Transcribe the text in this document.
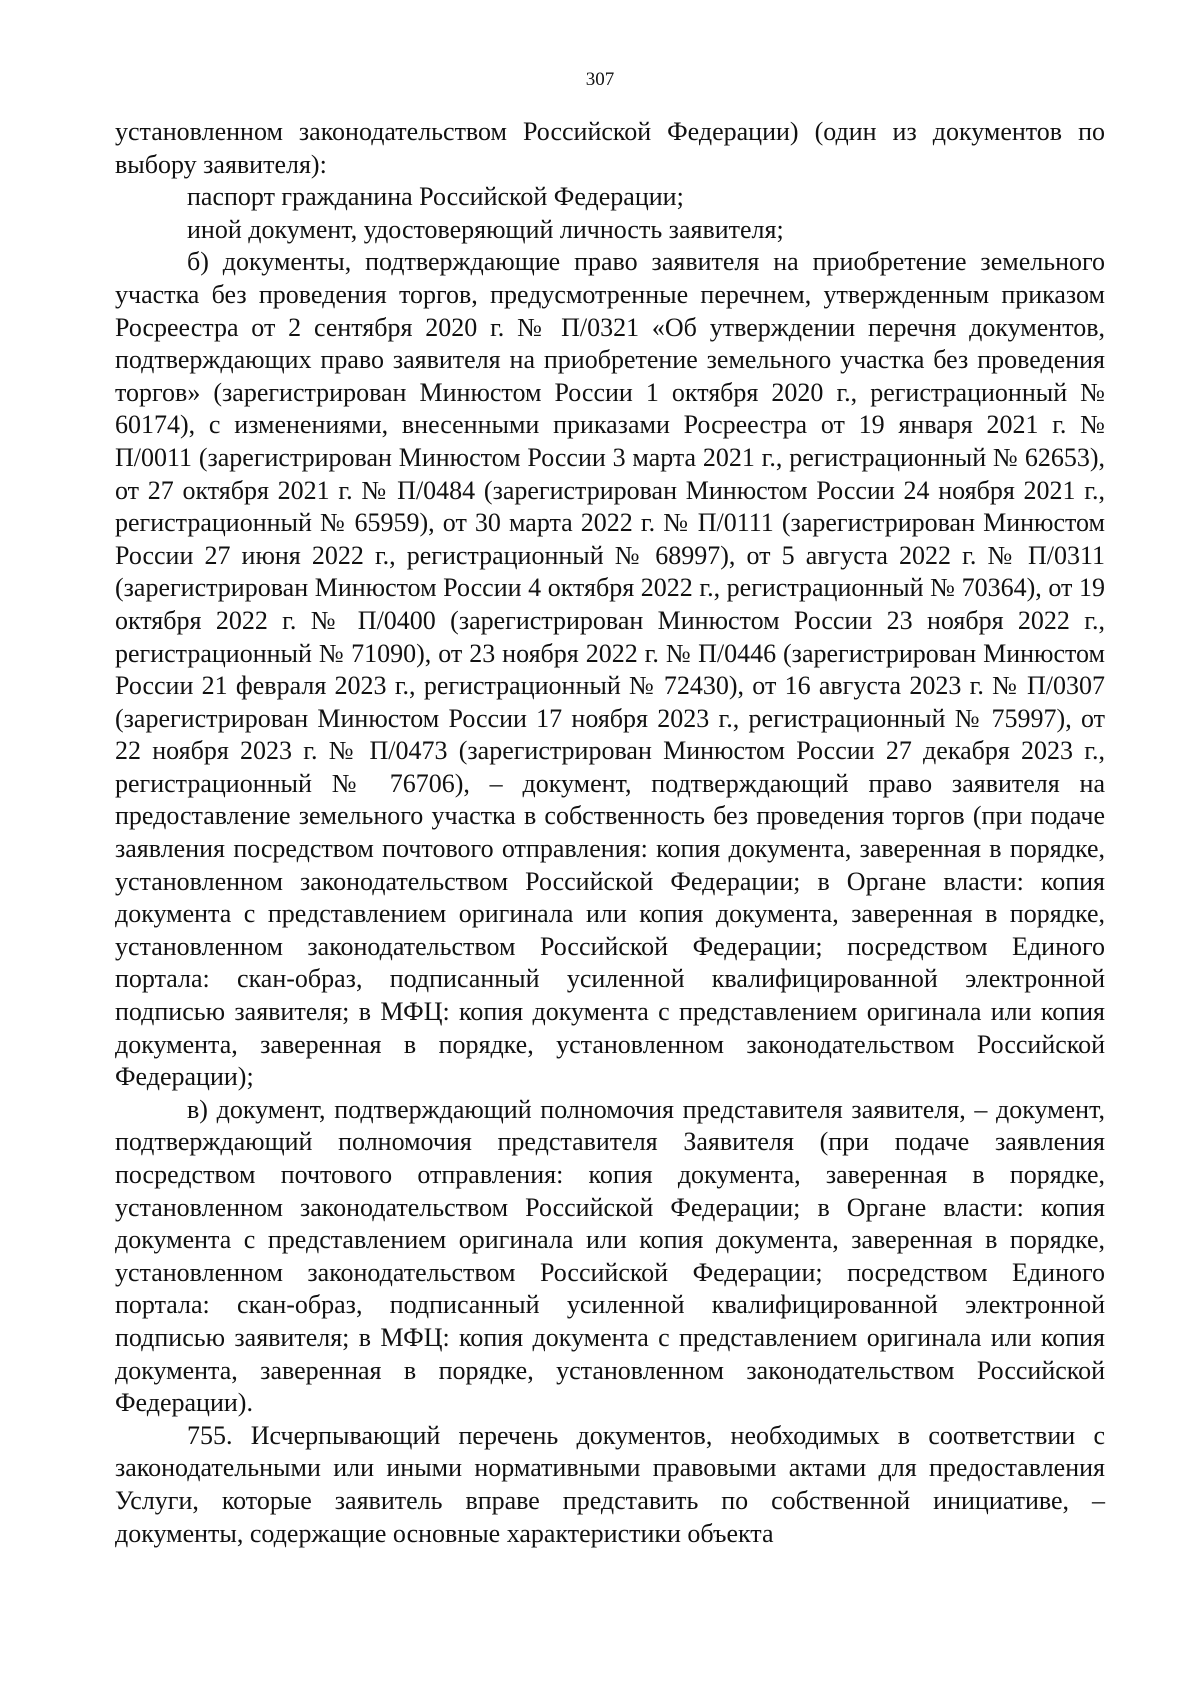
307

установленном законодательством Российской Федерации) (один из документов по выбору заявителя):

паспорт гражданина Российской Федерации;

иной документ, удостоверяющий личность заявителя;

б) документы, подтверждающие право заявителя на приобретение земельного участка без проведения торгов, предусмотренные перечнем, утвержденным приказом Росреестра от 2 сентября 2020 г. № П/0321 «Об утверждении перечня документов, подтверждающих право заявителя на приобретение земельного участка без проведения торгов» (зарегистрирован Минюстом России 1 октября 2020 г., регистрационный № 60174), с изменениями, внесенными приказами Росреестра от 19 января 2021 г. № П/0011 (зарегистрирован Минюстом России 3 марта 2021 г., регистрационный № 62653), от 27 октября 2021 г. № П/0484 (зарегистрирован Минюстом России 24 ноября 2021 г., регистрационный № 65959), от 30 марта 2022 г. № П/0111 (зарегистрирован Минюстом России 27 июня 2022 г., регистрационный № 68997), от 5 августа 2022 г. № П/0311 (зарегистрирован Минюстом России 4 октября 2022 г., регистрационный № 70364), от 19 октября 2022 г. № П/0400 (зарегистрирован Минюстом России 23 ноября 2022 г., регистрационный № 71090), от 23 ноября 2022 г. № П/0446 (зарегистрирован Минюстом России 21 февраля 2023 г., регистрационный № 72430), от 16 августа 2023 г. № П/0307 (зарегистрирован Минюстом России 17 ноября 2023 г., регистрационный № 75997), от 22 ноября 2023 г. № П/0473 (зарегистрирован Минюстом России 27 декабря 2023 г., регистрационный № 76706), – документ, подтверждающий право заявителя на предоставление земельного участка в собственность без проведения торгов (при подаче заявления посредством почтового отправления: копия документа, заверенная в порядке, установленном законодательством Российской Федерации; в Органе власти: копия документа с представлением оригинала или копия документа, заверенная в порядке, установленном законодательством Российской Федерации; посредством Единого портала: скан-образ, подписанный усиленной квалифицированной электронной подписью заявителя; в МФЦ: копия документа с представлением оригинала или копия документа, заверенная в порядке, установленном законодательством Российской Федерации);

в) документ, подтверждающий полномочия представителя заявителя, – документ, подтверждающий полномочия представителя Заявителя (при подаче заявления посредством почтового отправления: копия документа, заверенная в порядке, установленном законодательством Российской Федерации; в Органе власти: копия документа с представлением оригинала или копия документа, заверенная в порядке, установленном законодательством Российской Федерации; посредством Единого портала: скан-образ, подписанный усиленной квалифицированной электронной подписью заявителя; в МФЦ: копия документа с представлением оригинала или копия документа, заверенная в порядке, установленном законодательством Российской Федерации).

755. Исчерпывающий перечень документов, необходимых в соответствии с законодательными или иными нормативными правовыми актами для предоставления Услуги, которые заявитель вправе представить по собственной инициативе, – документы, содержащие основные характеристики объекта
